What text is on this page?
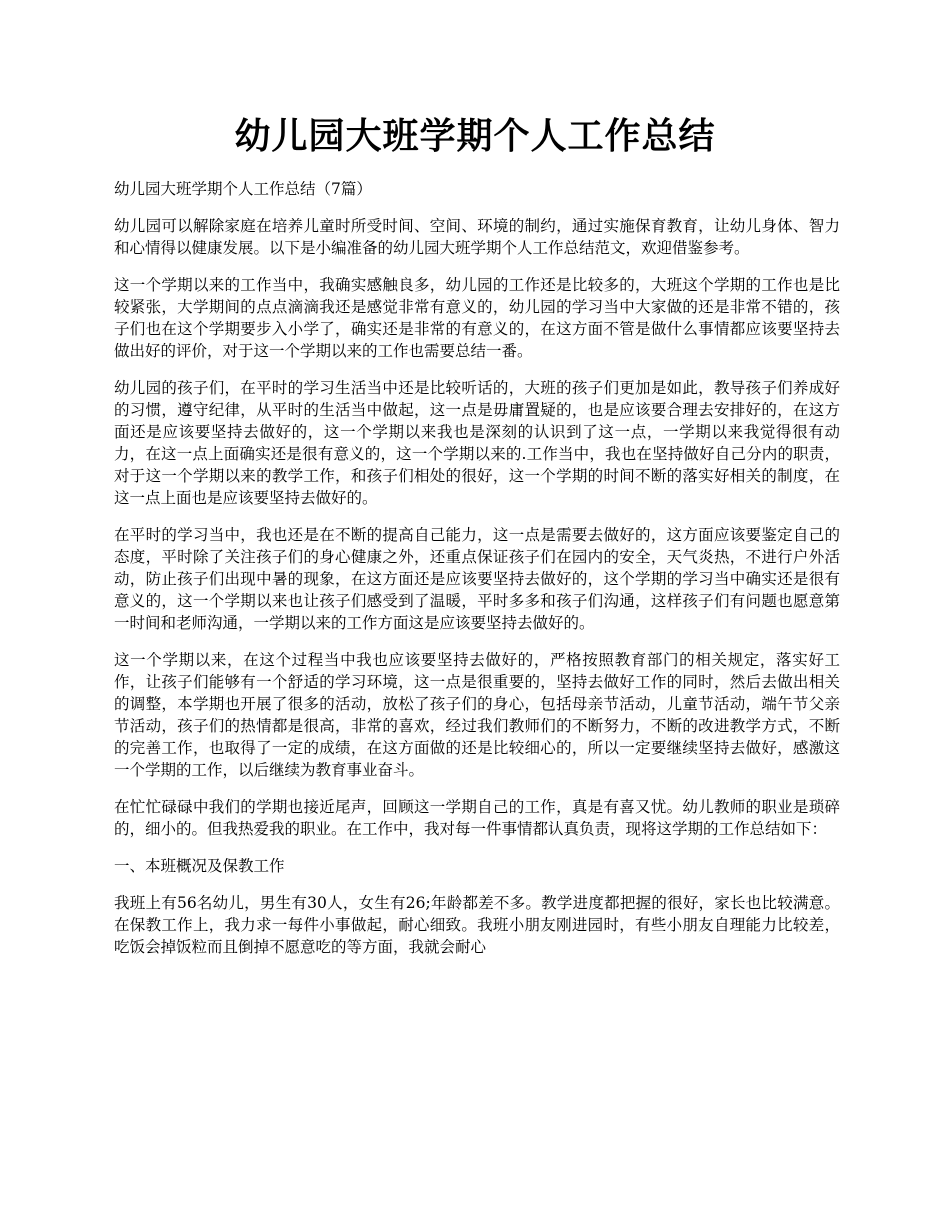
幼儿园大班学期个人工作总结

幼儿园大班学期个人工作总结（7篇）

幼儿园可以解除家庭在培养儿童时所受时间、空间、环境的制约，通过实施保育教育，让幼儿身体、智力和心情得以健康发展。以下是小编准备的幼儿园大班学期个人工作总结范文，欢迎借鉴参考。

这一个学期以来的工作当中，我确实感触良多，幼儿园的工作还是比较多的，大班这个学期的工作也是比较紧张，大学期间的点点滴滴我还是感觉非常有意义的，幼儿园的学习当中大家做的还是非常不错的，孩子们也在这个学期要步入小学了，确实还是非常的有意义的，在这方面不管是做什么事情都应该要坚持去做出好的评价，对于这一个学期以来的工作也需要总结一番。

幼儿园的孩子们，在平时的学习生活当中还是比较听话的，大班的孩子们更加是如此，教导孩子们养成好的习惯，遵守纪律，从平时的生活当中做起，这一点是毋庸置疑的，也是应该要合理去安排好的，在这方面还是应该要坚持去做好的，这一个学期以来我也是深刻的认识到了这一点，一学期以来我觉得很有动力，在这一点上面确实还是很有意义的，这一个学期以来的.工作当中，我也在坚持做好自己分内的职责，对于这一个学期以来的教学工作，和孩子们相处的很好，这一个学期的时间不断的落实好相关的制度，在这一点上面也是应该要坚持去做好的。

在平时的学习当中，我也还是在不断的提高自己能力，这一点是需要去做好的，这方面应该要鉴定自己的态度，平时除了关注孩子们的身心健康之外，还重点保证孩子们在园内的安全，天气炎热，不进行户外活动，防止孩子们出现中暑的现象，在这方面还是应该要坚持去做好的，这个学期的学习当中确实还是很有意义的，这一个学期以来也让孩子们感受到了温暖，平时多多和孩子们沟通，这样孩子们有问题也愿意第一时间和老师沟通，一学期以来的工作方面这是应该要坚持去做好的。

这一个学期以来，在这个过程当中我也应该要坚持去做好的，严格按照教育部门的相关规定，落实好工作，让孩子们能够有一个舒适的学习环境，这一点是很重要的，坚持去做好工作的同时，然后去做出相关的调整，本学期也开展了很多的活动，放松了孩子们的身心，包括母亲节活动，儿童节活动，端午节父亲节活动，孩子们的热情都是很高，非常的喜欢，经过我们教师们的不断努力，不断的改进教学方式，不断的完善工作，也取得了一定的成绩，在这方面做的还是比较细心的，所以一定要继续坚持去做好，感激这一个学期的工作，以后继续为教育事业奋斗。

在忙忙碌碌中我们的学期也接近尾声，回顾这一学期自己的工作，真是有喜又忧。幼儿教师的职业是琐碎的，细小的。但我热爱我的职业。在工作中，我对每一件事情都认真负责，现将这学期的工作总结如下：

一、本班概况及保教工作

我班上有56名幼儿，男生有30人，女生有26;年龄都差不多。教学进度都把握的很好，家长也比较满意。在保教工作上，我力求一每件小事做起，耐心细致。我班小朋友刚进园时，有些小朋友自理能力比较差，吃饭会掉饭粒而且倒掉不愿意吃的等方面，我就会耐心
